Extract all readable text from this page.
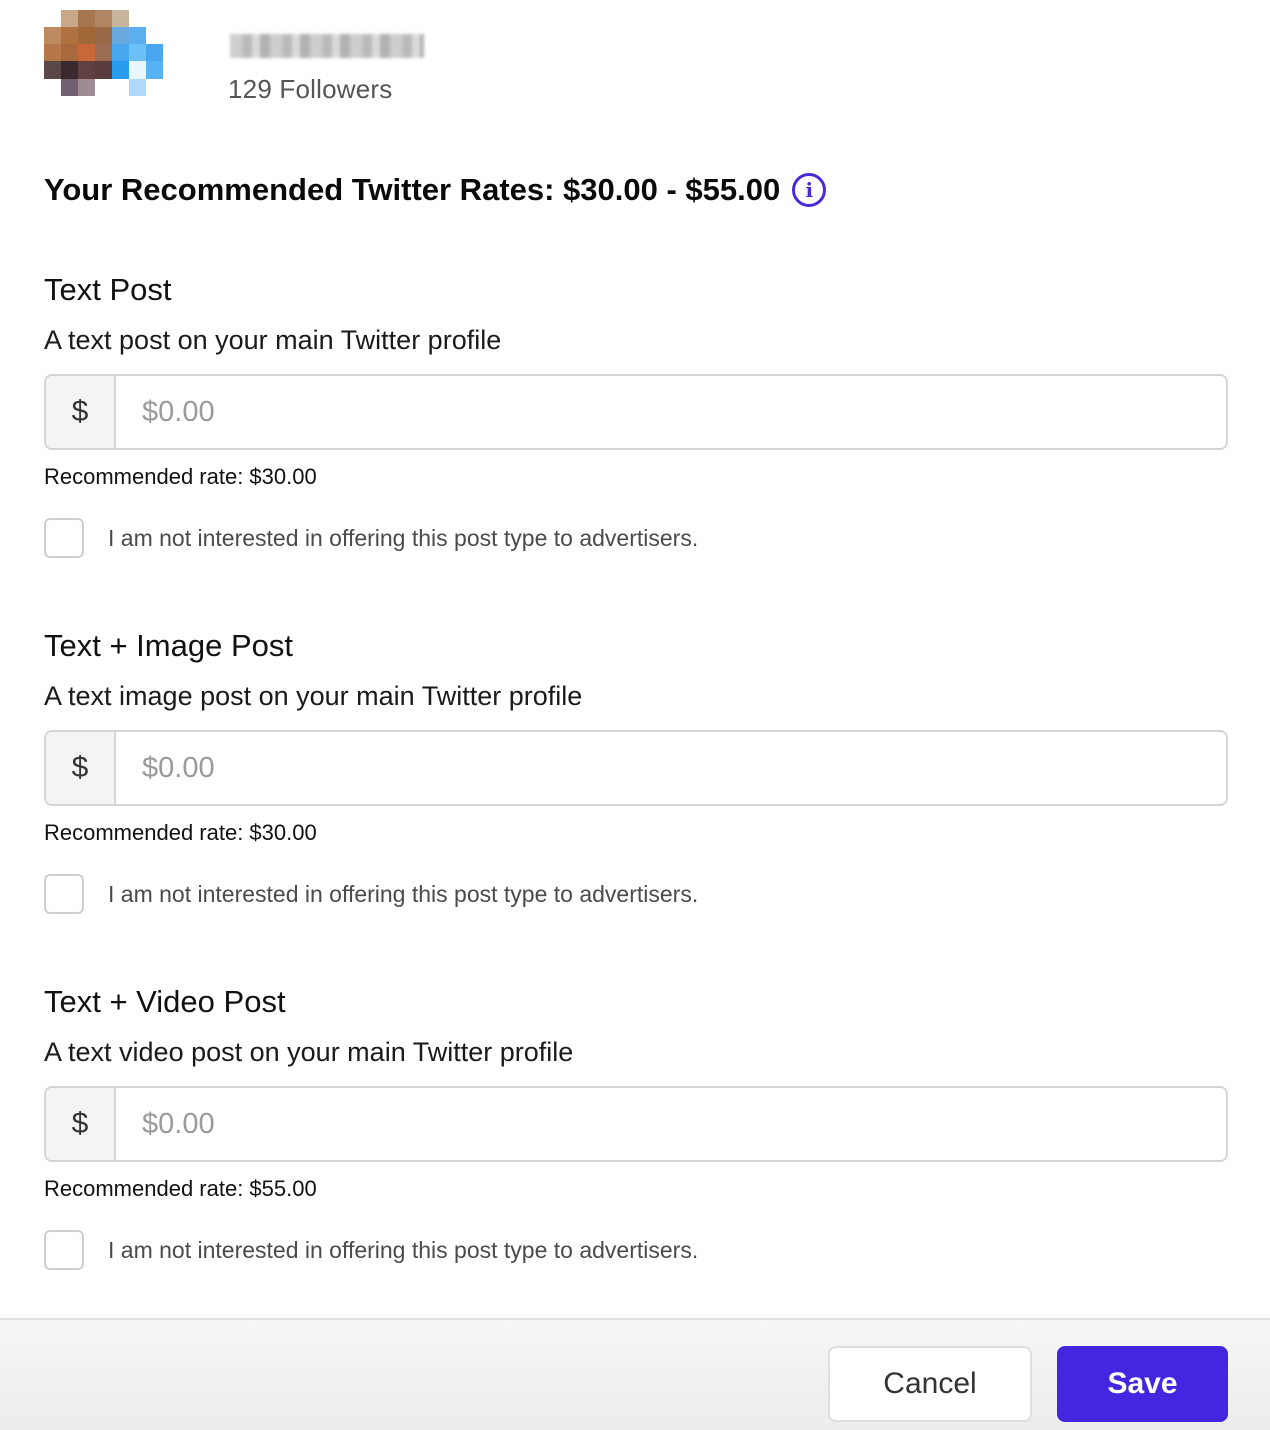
129 Followers
Your Recommended Twitter Rates: $30.00 - $55.00	i
Text Post
A text post on your main Twitter profile
$
$0.00
Recommended rate: $30.00
I am not interested in offering this post type to advertisers.
Text + Image Post
A text image post on your main Twitter profile
$
$0.00
Recommended rate: $30.00
I am not interested in offering this post type to advertisers.
Text + Video Post
A text video post on your main Twitter profile
$
$0.00
Recommended rate: $55.00
I am not interested in offering this post type to advertisers.
Cancel	Save
